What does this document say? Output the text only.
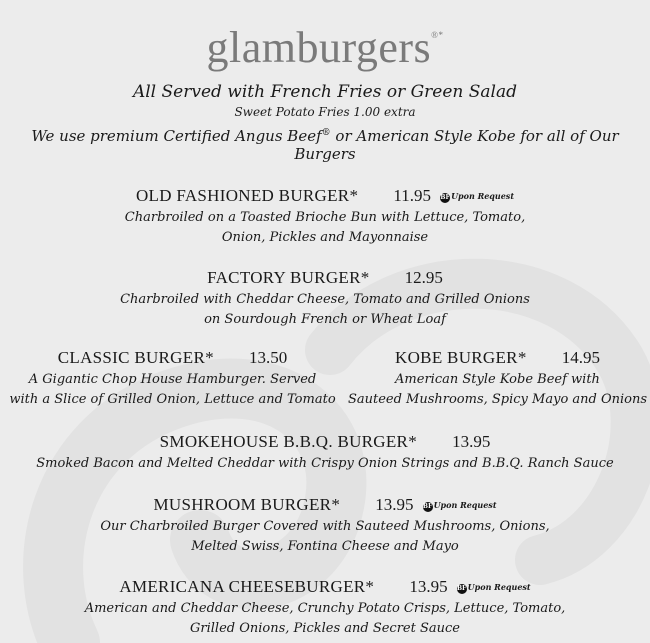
glamburgers®*
All Served with French Fries or Green Salad
Sweet Potato Fries 1.00 extra
We use premium Certified Angus Beef® or American Style Kobe for all of Our Burgers
OLD FASHIONED BURGER* 11.95 BFUpon Request
Charbroiled on a Toasted Brioche Bun with Lettuce, Tomato,
Onion, Pickles and Mayonnaise
FACTORY BURGER* 12.95
Charbroiled with Cheddar Cheese, Tomato and Grilled Onions
on Sourdough French or Wheat Loaf
CLASSIC BURGER* 13.50
A Gigantic Chop House Hamburger. Served
with a Slice of Grilled Onion, Lettuce and Tomato
KOBE BURGER* 14.95
American Style Kobe Beef with
Sauteed Mushrooms, Spicy Mayo and Onions
SMOKEHOUSE B.B.Q. BURGER* 13.95
Smoked Bacon and Melted Cheddar with Crispy Onion Strings and B.B.Q. Ranch Sauce
MUSHROOM BURGER* 13.95 BFUpon Request
Our Charbroiled Burger Covered with Sauteed Mushrooms, Onions,
Melted Swiss, Fontina Cheese and Mayo
AMERICANA CHEESEBURGER* 13.95 BFUpon Request
American and Cheddar Cheese, Crunchy Potato Crisps, Lettuce, Tomato,
Grilled Onions, Pickles and Secret Sauce
